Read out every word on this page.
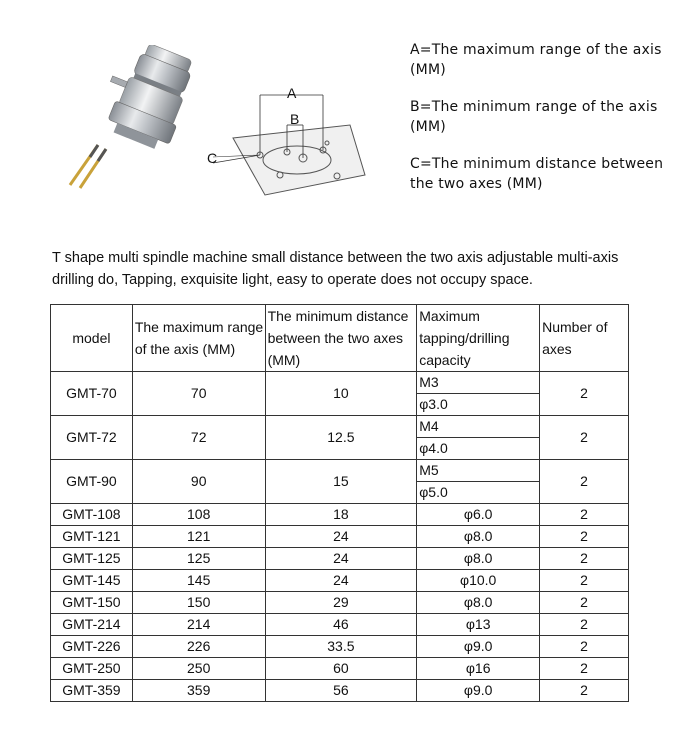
A
B
C

A=The maximum range of the axis (MM)

B=The minimum range of the axis (MM)

C=The minimum distance between the two axes (MM)

T shape multi spindle machine small distance between the two axis adjustable multi-axis drilling do, Tapping, exquisite light, easy to operate does not occupy space.
model	The maximum range of the axis (MM)	The minimum distance between the two axes (MM)	Maximum tapping/drilling capacity	Number of axes
GMT-70	70	10	M3	2
			φ3.0	
GMT-72	72	12.5	M4	2
			φ4.0	
GMT-90	90	15	M5	2
			φ5.0	
GMT-108	108	18	φ6.0	2
GMT-121	121	24	φ8.0	2
GMT-125	125	24	φ8.0	2
GMT-145	145	24	φ10.0	2
GMT-150	150	29	φ8.0	2
GMT-214	214	46	φ13	2
GMT-226	226	33.5	φ9.0	2
GMT-250	250	60	φ16	2
GMT-359	359	56	φ9.0	2
